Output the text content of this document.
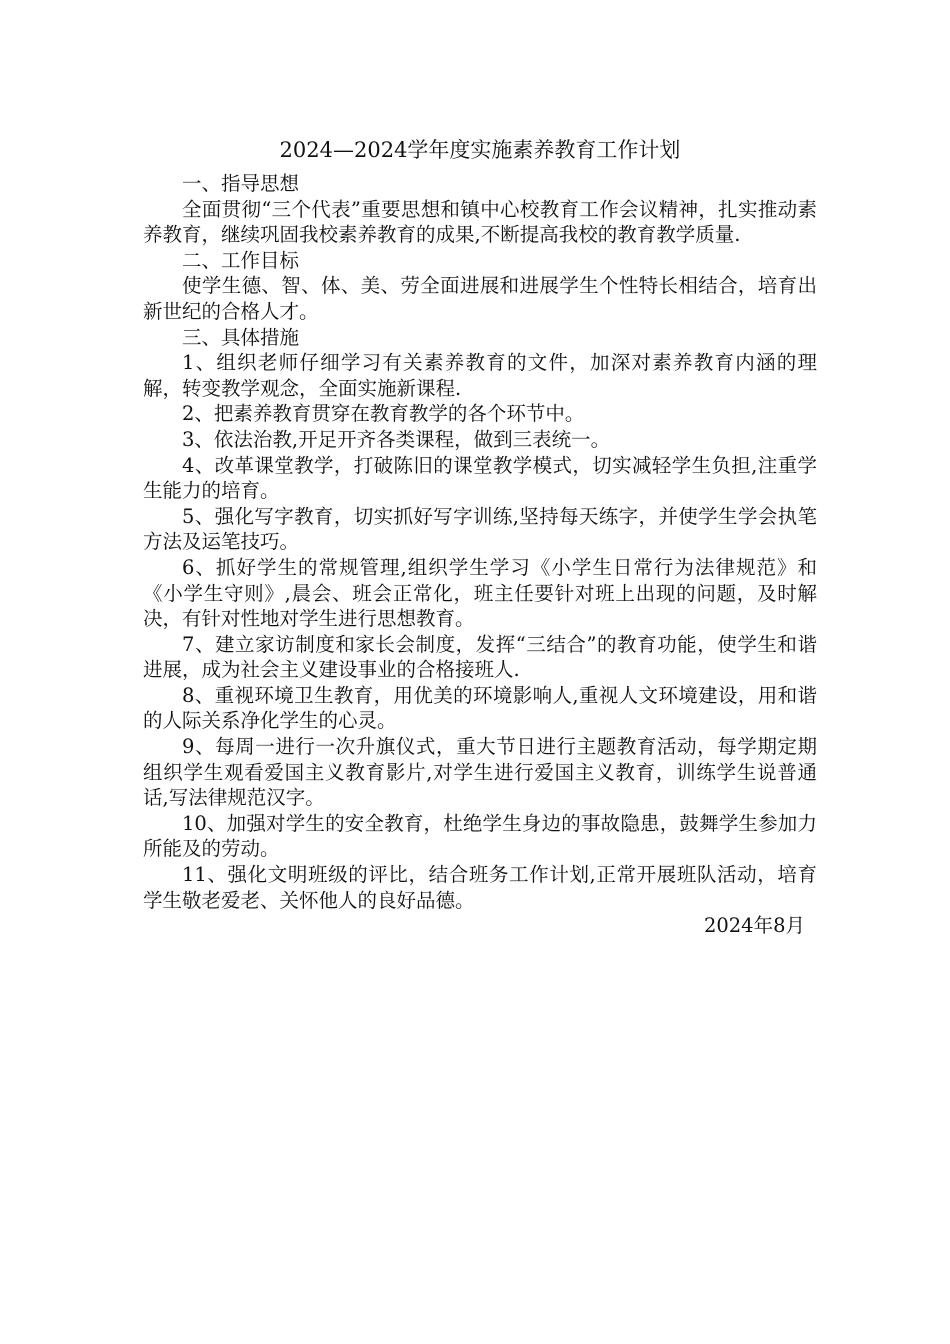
2024—2024学年度实施素养教育工作计划

一、指导思想

全面贯彻“三个代表”重要思想和镇中心校教育工作会议精神，扎实推动素养教育，继续巩固我校素养教育的成果,不断提高我校的教育教学质量.

二、工作目标

使学生德、智、体、美、劳全面进展和进展学生个性特长相结合，培育出新世纪的合格人才。

三、具体措施

1、组织老师仔细学习有关素养教育的文件，加深对素养教育内涵的理解，转变教学观念，全面实施新课程.

2、把素养教育贯穿在教育教学的各个环节中。

3、依法治教,开足开齐各类课程，做到三表统一。

4、改革课堂教学，打破陈旧的课堂教学模式，切实减轻学生负担,注重学生能力的培育。

5、强化写字教育，切实抓好写字训练,坚持每天练字，并使学生学会执笔方法及运笔技巧。

6、抓好学生的常规管理,组织学生学习《小学生日常行为法律规范》和《小学生守则》,晨会、班会正常化，班主任要针对班上出现的问题，及时解决，有针对性地对学生进行思想教育。

7、建立家访制度和家长会制度，发挥“三结合”的教育功能，使学生和谐进展，成为社会主义建设事业的合格接班人.

8、重视环境卫生教育，用优美的环境影响人,重视人文环境建设，用和谐的人际关系净化学生的心灵。

9、每周一进行一次升旗仪式，重大节日进行主题教育活动，每学期定期组织学生观看爱国主义教育影片,对学生进行爱国主义教育，训练学生说普通话,写法律规范汉字。

10、加强对学生的安全教育，杜绝学生身边的事故隐患，鼓舞学生参加力所能及的劳动。

11、强化文明班级的评比，结合班务工作计划,正常开展班队活动，培育学生敬老爱老、关怀他人的良好品德。

2024年8月
